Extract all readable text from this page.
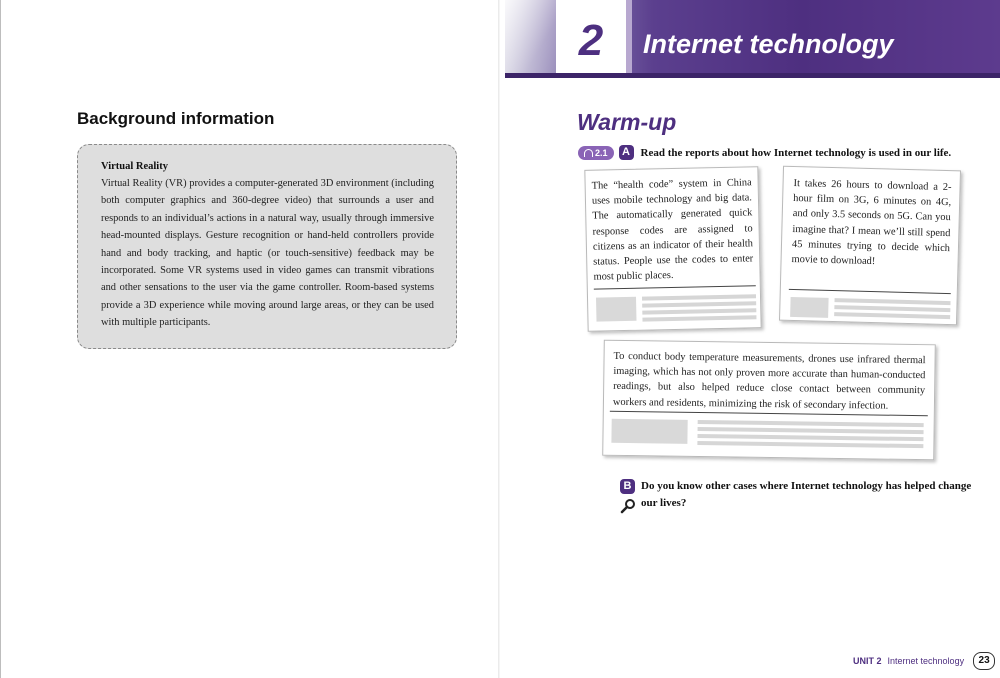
Background information
Virtual Reality

Virtual Reality (VR) provides a computer-generated 3D environment (including both computer graphics and 360-degree video) that surrounds a user and responds to an individual’s actions in a natural way, usually through immersive head-mounted displays. Gesture recognition or hand-held controllers provide hand and body tracking, and haptic (or touch-sensitive) feedback may be incorporated. Some VR systems used in video games can transmit vibrations and other sensations to the user via the game controller. Room-based systems provide a 3D experience while moving around large areas, or they can be used with multiple participants.

2	Internet technology
Warm-up
2.1	A Read the reports about how Internet technology is used in our life.

The “health code” system in China uses mobile technology and big data. The automatically generated quick response codes are assigned to citizens as an indicator of their health status. People use the codes to enter most public places.

It takes 26 hours to download a 2-hour film on 3G, 6 minutes on 4G, and only 3.5 seconds on 5G. Can you imagine that? I mean we’ll still spend 45 minutes trying to decide which movie to download!

To conduct body temperature measurements, drones use infrared thermal imaging, which has not only proven more accurate than human-conducted readings, but also helped reduce close contact between community workers and residents, minimizing the risk of secondary infection.

B Do you know other cases where Internet technology has helped change our lives?

UNIT 2 Internet technology	23
